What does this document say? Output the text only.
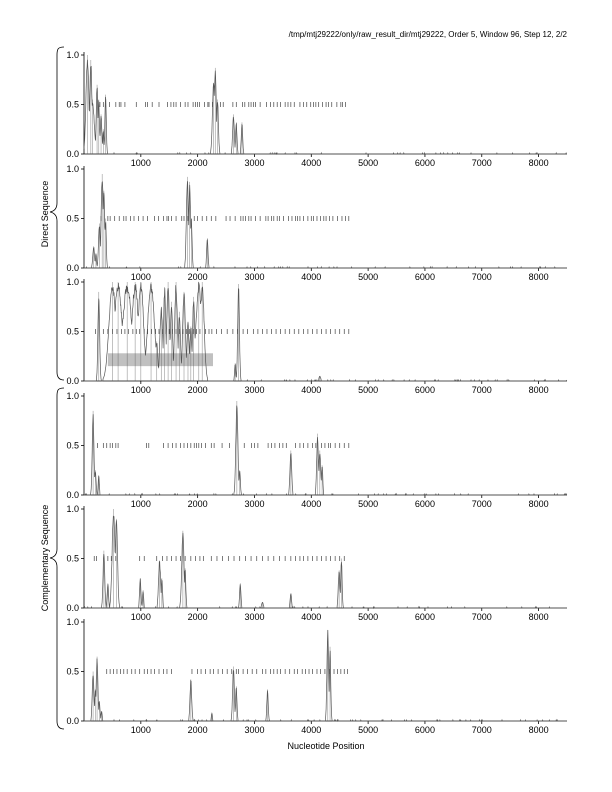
/tmp/mtj29222/only/raw_result_dir/mtj29222, Order 5, Window 96, Step 12, 2/2
0.0
0.5
1.0
1000	2000	3000	4000	5000	6000	7000	8000
0.0
0.5
1.0
1000	2000	3000	4000	5000	6000	7000	8000
0.0
0.5
1.0
1000	2000	3000	4000	5000	6000	7000	8000
0.0
0.5
1.0
1000	2000	3000	4000	5000	6000	7000	8000
0.0
0.5
1.0
1000	2000	3000	4000	5000	6000	7000	8000
0.0
0.5
1.0
1000	2000	3000	4000	5000	6000	7000	8000
Direct Sequence
Complementary Sequence
Nucleotide Position
